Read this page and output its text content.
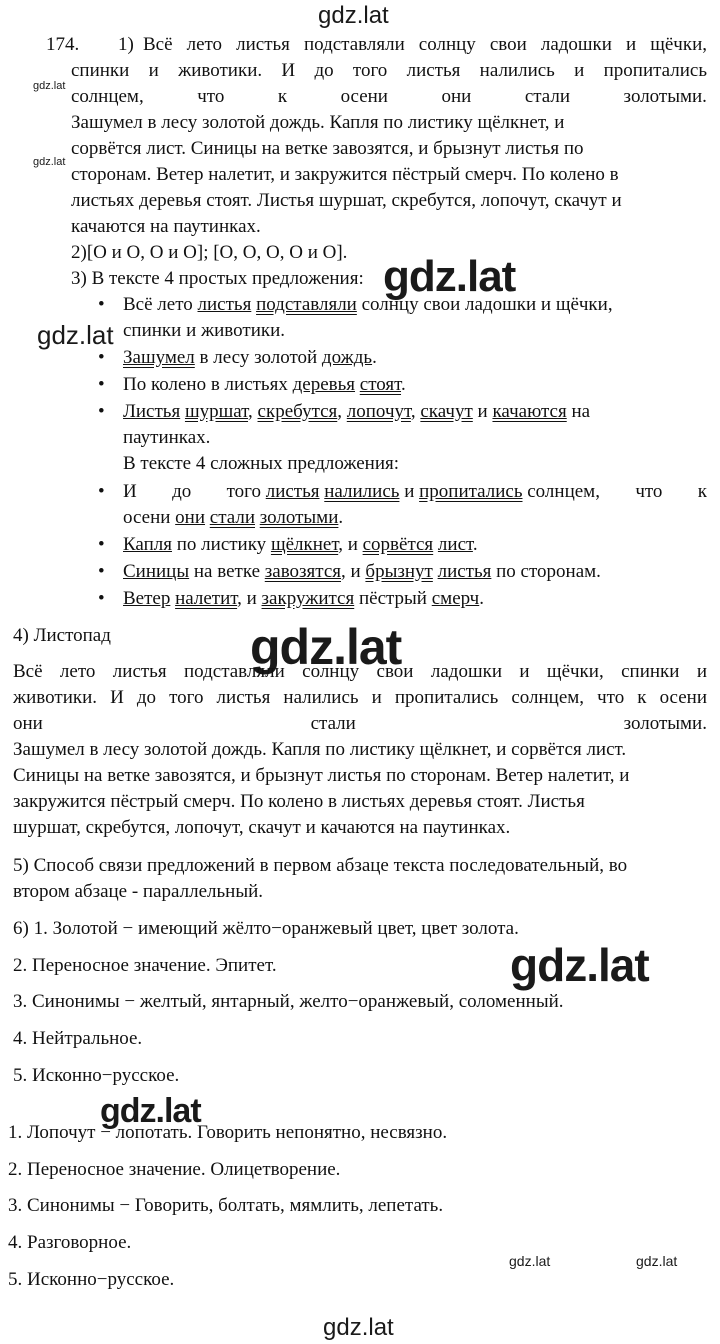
gdz.lat
174. 1) Всё лето листья подставляли солнцу свои ладошки и щёчки,
спинки и животики. И до того листья налились и пропитались
gdz.lat солнцем,	что	к	осени	они	стали	золотыми.
Зашумел в лесу золотой дождь. Капля по листику щёлкнет, и
сорвётся лист. Синицы на ветке завозятся, и брызнут листья по
gdz.lat
сторонам. Ветер налетит, и закружится пёстрый смерч. По колено в
листьях деревья стоят. Листья шуршат, скребутся, лопочут, скачут и
качаются на паутинках.
2)[О и О, О и О]; [О, О, О, О и О].
3) В тексте 4 простых предложения: gdz.lat
• Всё лето листья подставляли солнцу свои ладошки и щёчки,
спинки и животики.
gdz.lat
• Зашумел в лесу золотой дождь.
• По колено в листьях деревья стоят.
• Листья шуршат, скребутся, лопочут, скачут и качаются на
паутинках.
В тексте 4 сложных предложения:
• И до того листья налились и пропитались солнцем, что к
осени они стали золотыми.
• Капля по листику щёлкнет, и сорвётся лист.
• Синицы на ветке завозятся, и брызнут листья по сторонам.
• Ветер налетит, и закружится пёстрый смерч.
4) Листопад	gdz.lat
Всё лето листья подставляли солнцу свои ладошки и щёчки, спинки и
животики. И до того листья налились и пропитались солнцем, что к осени
они	стали	золотыми.
Зашумел в лесу золотой дождь. Капля по листику щёлкнет, и сорвётся лист.
Синицы на ветке завозятся, и брызнут листья по сторонам. Ветер налетит, и
закружится пёстрый смерч. По колено в листьях деревья стоят. Листья
шуршат, скребутся, лопочут, скачут и качаются на паутинках.
5) Способ связи предложений в первом абзаце текста последовательный, во
втором абзаце - параллельный.
6) 1. Золотой − имеющий жёлто−оранжевый цвет, цвет золота.
gdz.lat
2. Переносное значение. Эпитет.
3. Синонимы − желтый, янтарный, желто−оранжевый, соломенный.
4. Нейтральное.
5. Исконно−русское.
gdz.lat
1. Лопочут − лопотать. Говорить непонятно, несвязно.
2. Переносное значение. Олицетворение.
3. Синонимы − Говорить, болтать, мямлить, лепетать.
4. Разговорное.
gdz.lat	gdz.lat
5. Исконно−русское.
gdz.lat
